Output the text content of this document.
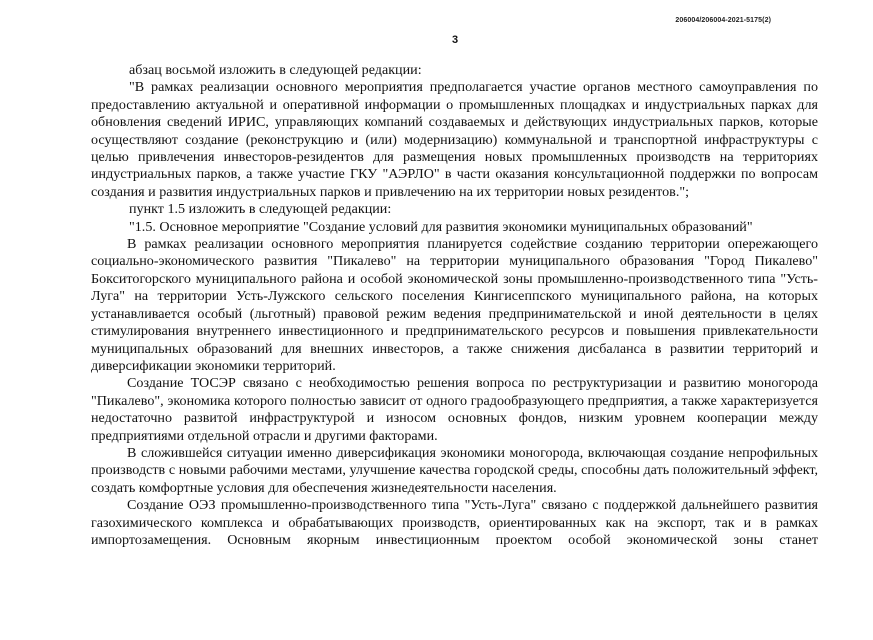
206004/206004-2021-5175(2)
3

абзац восьмой изложить в следующей редакции:

"В рамках реализации основного мероприятия предполагается участие органов местного самоуправления по предоставлению актуальной и оперативной информации о промышленных площадках и индустриальных парках для обновления сведений ИРИС, управляющих компаний создаваемых и действующих индустриальных парков, которые осуществляют создание (реконструкцию и (или) модернизацию) коммунальной и транспортной инфраструктуры с целью привлечения инвесторов-резидентов для размещения новых промышленных производств на территориях индустриальных парков, а также участие ГКУ "АЭРЛО" в части оказания консультационной поддержки по вопросам создания и развития индустриальных парков и привлечению на их территории новых резидентов.";

пункт 1.5 изложить в следующей редакции:

"1.5. Основное мероприятие "Создание условий для развития экономики муниципальных образований"

В рамках реализации основного мероприятия планируется содействие созданию территории опережающего социально-экономического развития "Пикалево" на территории муниципального образования "Город Пикалево" Бокситогорского муниципального района и особой экономической зоны промышленно-производственного типа "Усть-Луга" на территории Усть-Лужского сельского поселения Кингисеппского муниципального района, на которых устанавливается особый (льготный) правовой режим ведения предпринимательской и иной деятельности в целях стимулирования внутреннего инвестиционного и предпринимательского ресурсов и повышения привлекательности муниципальных образований для внешних инвесторов, а также снижения дисбаланса в развитии территорий и диверсификации экономики территорий.

Создание ТОСЭР связано с необходимостью решения вопроса по реструктуризации и развитию моногорода "Пикалево", экономика которого полностью зависит от одного градообразующего предприятия, а также характеризуется недостаточно развитой инфраструктурой и износом основных фондов, низким уровнем кооперации между предприятиями отдельной отрасли и другими факторами.

В сложившейся ситуации именно диверсификация экономики моногорода, включающая создание непрофильных производств с новыми рабочими местами, улучшение качества городской среды, способны дать положительный эффект, создать комфортные условия для обеспечения жизнедеятельности населения.

Создание ОЭЗ промышленно-производственного типа "Усть-Луга" связано с поддержкой дальнейшего развития газохимического комплекса и обрабатывающих производств, ориентированных как на экспорт, так и в рамках импортозамещения. Основным якорным инвестиционным проектом особой экономической зоны станет
